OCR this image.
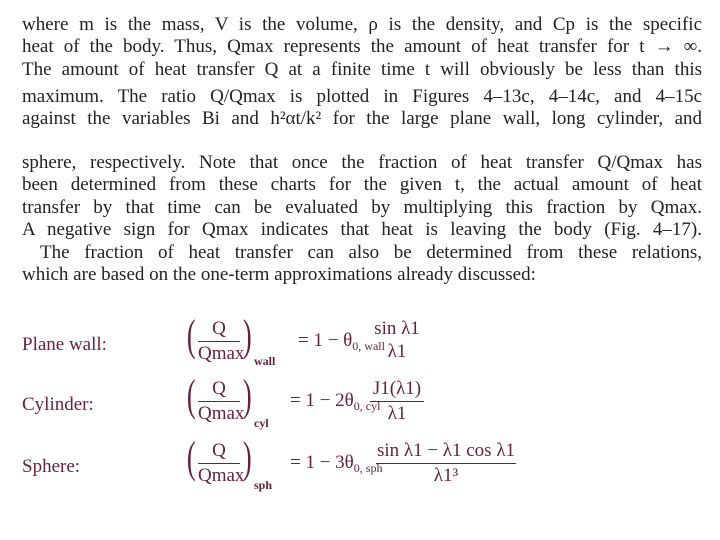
where m is the mass, V is the volume, ρ is the density, and Cp is the specific
heat of the body. Thus, Qmax represents the amount of heat transfer for t → ∞.
The amount of heat transfer Q at a finite time t will obviously be less than this
maximum. The ratio Q/Qmax is plotted in Figures 4–13c, 4–14c, and 4–15c
against the variables Bi and h²αt/k² for the large plane wall, long cylinder, and
sphere, respectively. Note that once the fraction of heat transfer Q/Qmax has
been determined from these charts for the given t, the actual amount of heat
transfer by that time can be evaluated by multiplying this fraction by Qmax.
A negative sign for Qmax indicates that heat is leaving the body (Fig. 4–17).
The fraction of heat transfer can also be determined from these relations,
which are based on the one-term approximations already discussed:
Plane wall: ( Q
Qmax
)
wall
= $1 - \theta_{0, wall}$
sin λ1
λ1
Cylinder: ( Q
Qmax
)
cyl
= $1 - 2\theta_{0, cyl}$
J1(λ1)
λ1
Sphere: ( Q
Qmax
)
sph
= $1 - 3\theta_{0, sph}$
sin λ1 − λ1 cos λ1
λ1³
